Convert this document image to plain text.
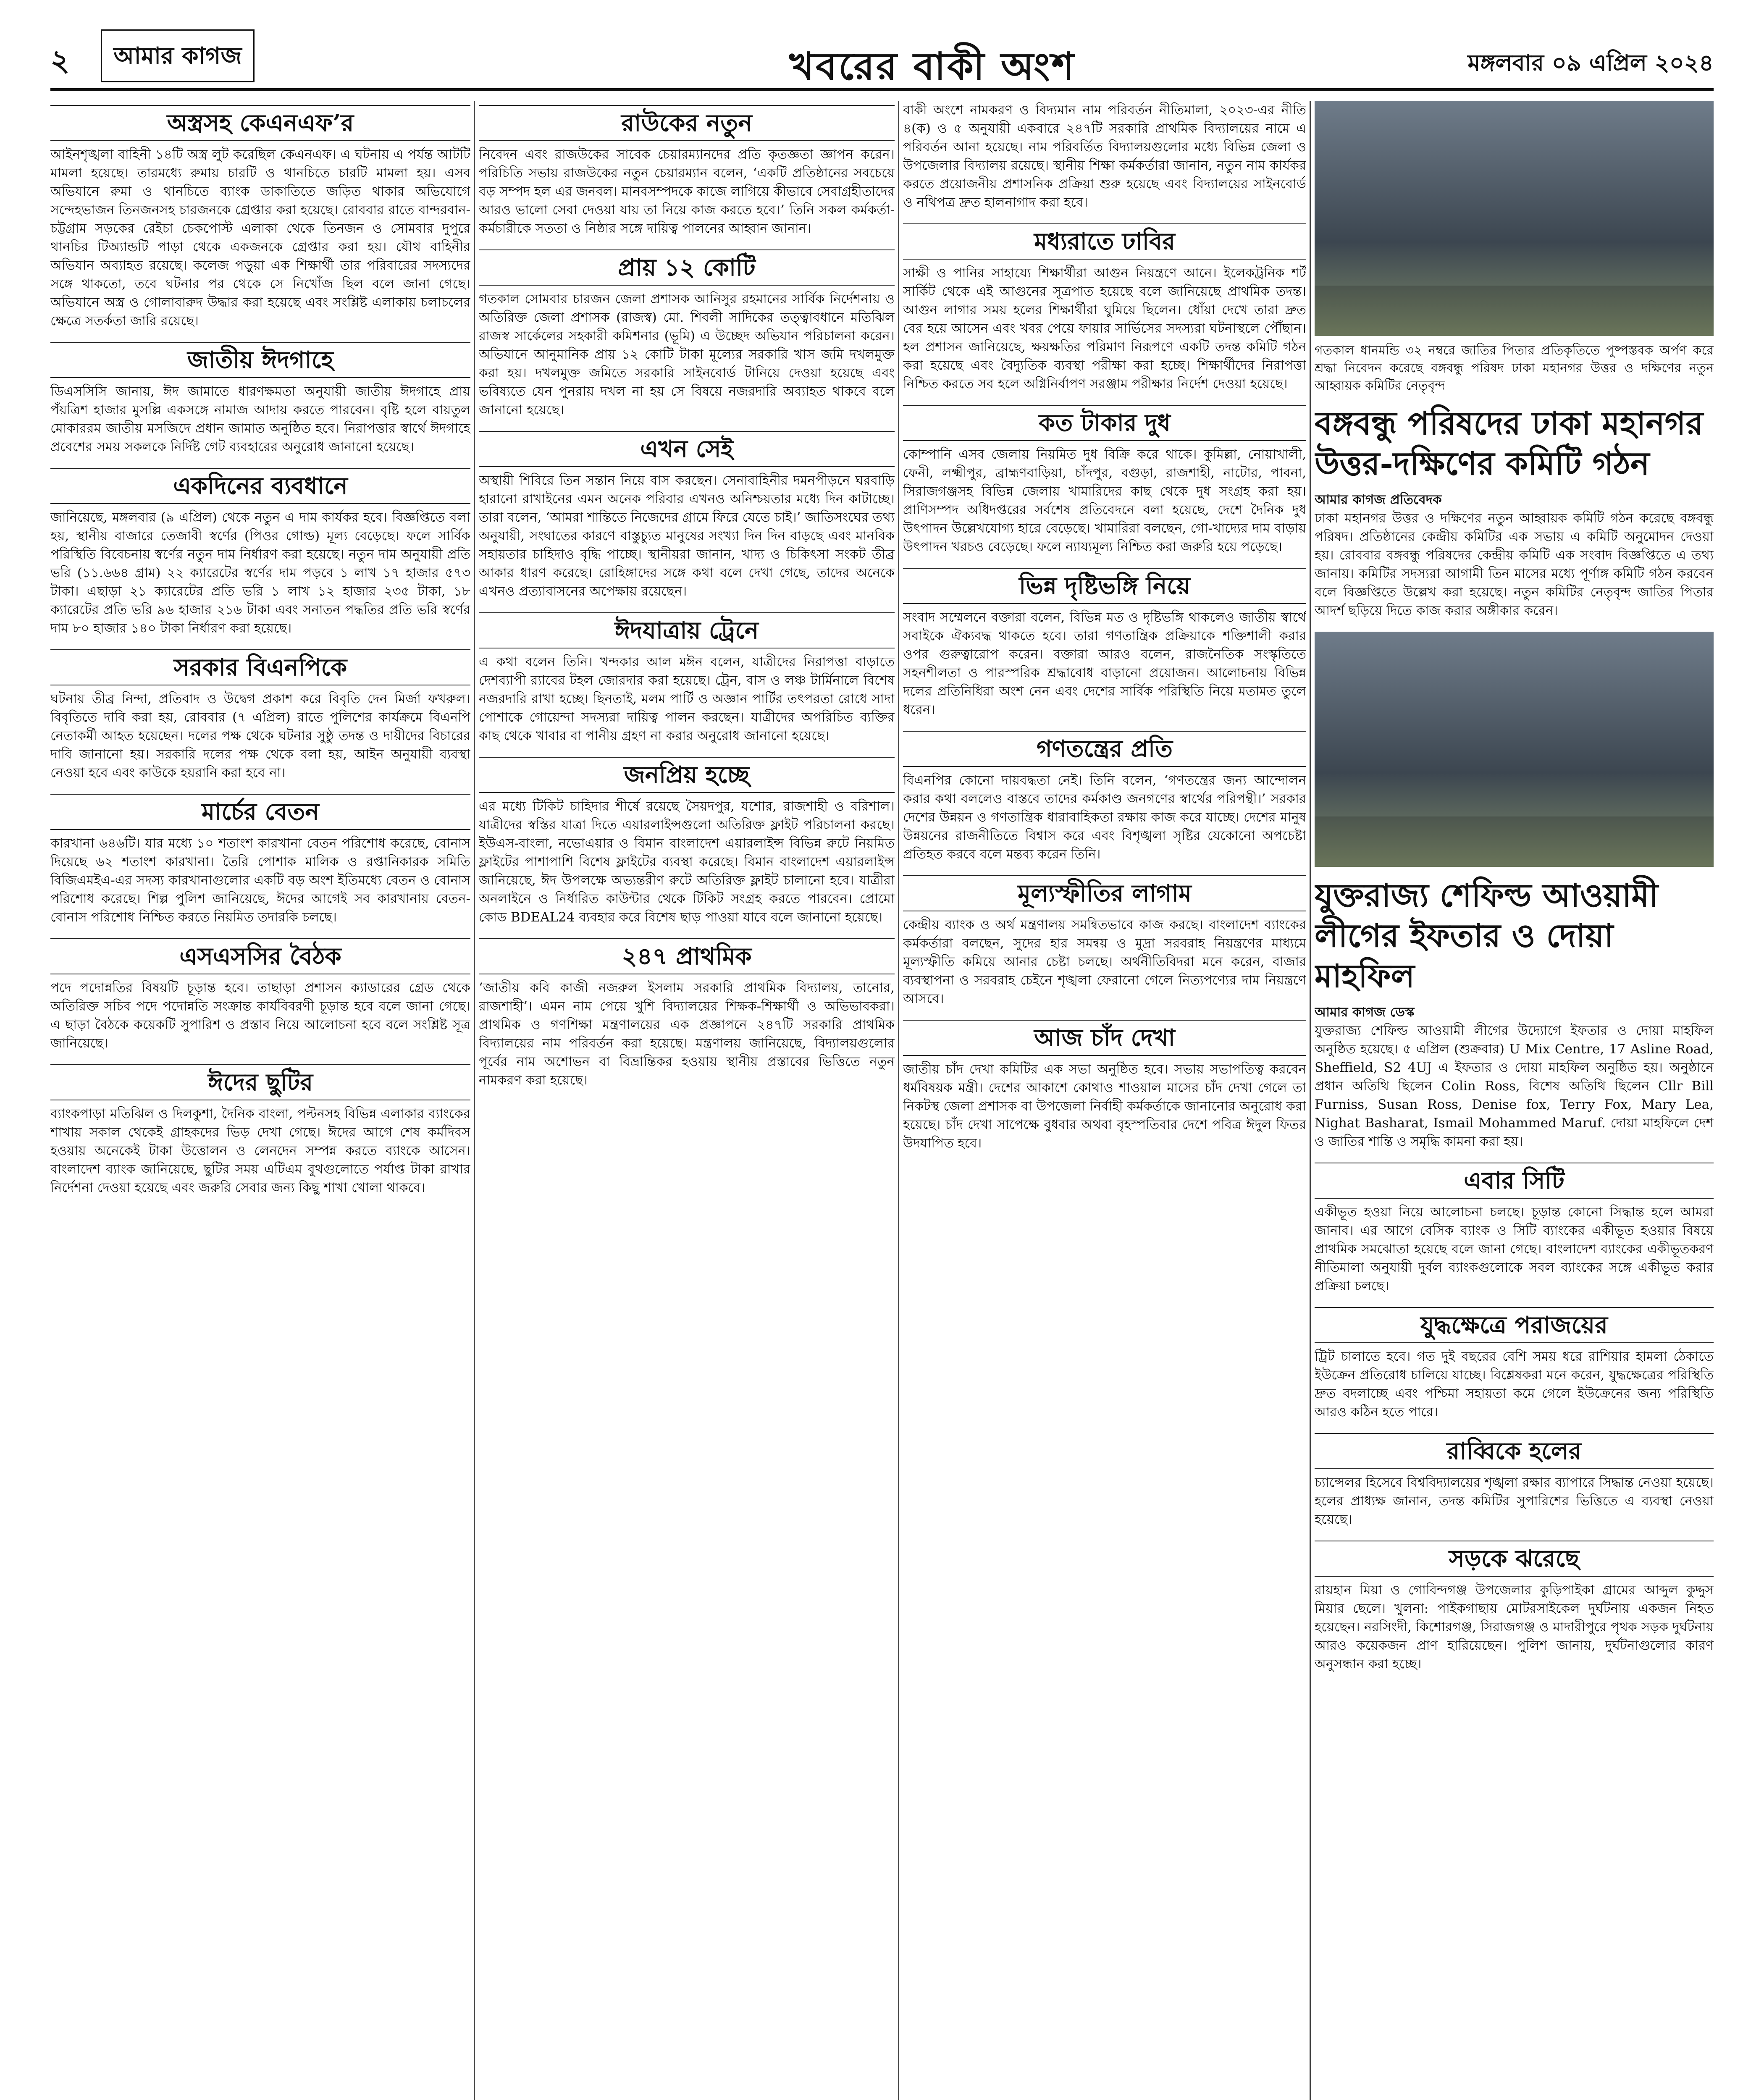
২	আমার কাগজ	খবরের বাকী অংশ	মঙ্গলবার ০৯ এপ্রিল ২০২৪
অস্ত্রসহ কেএনএফ’র
আইনশৃঙ্খলা বাহিনী ১৪টি অস্ত্র লুট করেছিল কেএনএফ। এ ঘটনায় এ পর্যন্ত আটটি মামলা হয়েছে। তারমধ্যে রুমায় চারটি ও থানচিতে চারটি মামলা হয়। এসব অভিযানে রুমা ও থানচিতে ব্যাংক ডাকাতিতে জড়িত থাকার অভিযোগে সন্দেহভাজন তিনজনসহ চারজনকে গ্রেপ্তার করা হয়েছে। রোববার রাতে বান্দরবান-চট্টগ্রাম সড়কের রেইচা চেকপোস্ট এলাকা থেকে তিনজন ও সোমবার দুপুরে থানচির টিঅ্যান্ডটি পাড়া থেকে একজনকে গ্রেপ্তার করা হয়। যৌথ বাহিনীর অভিযান অব্যাহত রয়েছে। কলেজ পড়ুয়া এক শিক্ষার্থী তার পরিবারের সদস্যদের সঙ্গে থাকতো, তবে ঘটনার পর থেকে সে নিখোঁজ ছিল বলে জানা গেছে। অভিযানে অস্ত্র ও গোলাবারুদ উদ্ধার করা হয়েছে এবং সংশ্লিষ্ট এলাকায় চলাচলের ক্ষেত্রে সতর্কতা জারি রয়েছে।
জাতীয় ঈদগাহে
ডিএসসিসি জানায়, ঈদ জামাতে ধারণক্ষমতা অনুযায়ী জাতীয় ঈদগাহে প্রায় পঁয়ত্রিশ হাজার মুসল্লি একসঙ্গে নামাজ আদায় করতে পারবেন। বৃষ্টি হলে বায়তুল মোকাররম জাতীয় মসজিদে প্রধান জামাত অনুষ্ঠিত হবে। নিরাপত্তার স্বার্থে ঈদগাহে প্রবেশের সময় সকলকে নির্দিষ্ট গেট ব্যবহারের অনুরোধ জানানো হয়েছে।
একদিনের ব্যবধানে
জানিয়েছে, মঙ্গলবার (৯ এপ্রিল) থেকে নতুন এ দাম কার্যকর হবে। বিজ্ঞপ্তিতে বলা হয়, স্থানীয় বাজারে তেজাবী স্বর্ণের (পিওর গোল্ড) মূল্য বেড়েছে। ফলে সার্বিক পরিস্থিতি বিবেচনায় স্বর্ণের নতুন দাম নির্ধারণ করা হয়েছে। নতুন দাম অনুযায়ী প্রতি ভরি (১১.৬৬৪ গ্রাম) ২২ ক্যারেটের স্বর্ণের দাম পড়বে ১ লাখ ১৭ হাজার ৫৭৩ টাকা। এছাড়া ২১ ক্যারেটের প্রতি ভরি ১ লাখ ১২ হাজার ২৩৫ টাকা, ১৮ ক্যারেটের প্রতি ভরি ৯৬ হাজার ২১৬ টাকা এবং সনাতন পদ্ধতির প্রতি ভরি স্বর্ণের দাম ৮০ হাজার ১৪০ টাকা নির্ধারণ করা হয়েছে।
সরকার বিএনপিকে
ঘটনায় তীব্র নিন্দা, প্রতিবাদ ও উদ্বেগ প্রকাশ করে বিবৃতি দেন মির্জা ফখরুল। বিবৃতিতে দাবি করা হয়, রোববার (৭ এপ্রিল) রাতে পুলিশের কার্যক্রমে বিএনপি নেতাকর্মী আহত হয়েছেন। দলের পক্ষ থেকে ঘটনার সুষ্ঠু তদন্ত ও দায়ীদের বিচারের দাবি জানানো হয়। সরকারি দলের পক্ষ থেকে বলা হয়, আইন অনুযায়ী ব্যবস্থা নেওয়া হবে এবং কাউকে হয়রানি করা হবে না।
মার্চের বেতন
কারখানা ৬৪৬টি। যার মধ্যে ১০ শতাংশ কারখানা বেতন পরিশোধ করেছে, বোনাস দিয়েছে ৬২ শতাংশ কারখানা। তৈরি পোশাক মালিক ও রপ্তানিকারক সমিতি বিজিএমইএ-এর সদস্য কারখানাগুলোর একটি বড় অংশ ইতিমধ্যে বেতন ও বোনাস পরিশোধ করেছে। শিল্প পুলিশ জানিয়েছে, ঈদের আগেই সব কারখানায় বেতন-বোনাস পরিশোধ নিশ্চিত করতে নিয়মিত তদারকি চলছে।
এসএসসির বৈঠক
পদে পদোন্নতির বিষয়টি চূড়ান্ত হবে। তাছাড়া প্রশাসন ক্যাডারের গ্রেড থেকে অতিরিক্ত সচিব পদে পদোন্নতি সংক্রান্ত কার্যবিবরণী চূড়ান্ত হবে বলে জানা গেছে। এ ছাড়া বৈঠকে কয়েকটি সুপারিশ ও প্রস্তাব নিয়ে আলোচনা হবে বলে সংশ্লিষ্ট সূত্র জানিয়েছে।
ঈদের ছুটির
ব্যাংকপাড়া মতিঝিল ও দিলকুশা, দৈনিক বাংলা, পল্টনসহ বিভিন্ন এলাকার ব্যাংকের শাখায় সকাল থেকেই গ্রাহকদের ভিড় দেখা গেছে। ঈদের আগে শেষ কর্মদিবস হওয়ায় অনেকেই টাকা উত্তোলন ও লেনদেন সম্পন্ন করতে ব্যাংকে আসেন। বাংলাদেশ ব্যাংক জানিয়েছে, ছুটির সময় এটিএম বুথগুলোতে পর্যাপ্ত টাকা রাখার নির্দেশনা দেওয়া হয়েছে এবং জরুরি সেবার জন্য কিছু শাখা খোলা থাকবে।
রাউকের নতুন
নিবেদন এবং রাজউকের সাবেক চেয়ারম্যানদের প্রতি কৃতজ্ঞতা জ্ঞাপন করেন। পরিচিতি সভায় রাজউকের নতুন চেয়ারম্যান বলেন, ‘একটি প্রতিষ্ঠানের সবচেয়ে বড় সম্পদ হল এর জনবল। মানবসম্পদকে কাজে লাগিয়ে কীভাবে সেবাগ্রহীতাদের আরও ভালো সেবা দেওয়া যায় তা নিয়ে কাজ করতে হবে।’ তিনি সকল কর্মকর্তা-কর্মচারীকে সততা ও নিষ্ঠার সঙ্গে দায়িত্ব পালনের আহ্বান জানান।
প্রায় ১২ কোটি
গতকাল সোমবার চারজন জেলা প্রশাসক আনিসুর রহমানের সার্বিক নির্দেশনায় ও অতিরিক্ত জেলা প্রশাসক (রাজস্ব) মো. শিবলী সাদিকের তত্ত্বাবধানে মতিঝিল রাজস্ব সার্কেলের সহকারী কমিশনার (ভূমি) এ উচ্ছেদ অভিযান পরিচালনা করেন। অভিযানে আনুমানিক প্রায় ১২ কোটি টাকা মূল্যের সরকারি খাস জমি দখলমুক্ত করা হয়। দখলমুক্ত জমিতে সরকারি সাইনবোর্ড টানিয়ে দেওয়া হয়েছে এবং ভবিষ্যতে যেন পুনরায় দখল না হয় সে বিষয়ে নজরদারি অব্যাহত থাকবে বলে জানানো হয়েছে।
এখন সেই
অস্থায়ী শিবিরে তিন সন্তান নিয়ে বাস করছেন। সেনাবাহিনীর দমনপীড়নে ঘরবাড়ি হারানো রাখাইনের এমন অনেক পরিবার এখনও অনিশ্চয়তার মধ্যে দিন কাটাচ্ছে। তারা বলেন, ‘আমরা শান্তিতে নিজেদের গ্রামে ফিরে যেতে চাই।’ জাতিসংঘের তথ্য অনুযায়ী, সংঘাতের কারণে বাস্তুচ্যুত মানুষের সংখ্যা দিন দিন বাড়ছে এবং মানবিক সহায়তার চাহিদাও বৃদ্ধি পাচ্ছে। স্থানীয়রা জানান, খাদ্য ও চিকিৎসা সংকট তীব্র আকার ধারণ করেছে। রোহিঙ্গাদের সঙ্গে কথা বলে দেখা গেছে, তাদের অনেকে এখনও প্রত্যাবাসনের অপেক্ষায় রয়েছেন।
ঈদযাত্রায় ট্রেনে
এ কথা বলেন তিনি। খন্দকার আল মঈন বলেন, যাত্রীদের নিরাপত্তা বাড়াতে দেশব্যাপী র‍্যাবের টহল জোরদার করা হয়েছে। ট্রেন, বাস ও লঞ্চ টার্মিনালে বিশেষ নজরদারি রাখা হচ্ছে। ছিনতাই, মলম পার্টি ও অজ্ঞান পার্টির তৎপরতা রোধে সাদা পোশাকে গোয়েন্দা সদস্যরা দায়িত্ব পালন করছেন। যাত্রীদের অপরিচিত ব্যক্তির কাছ থেকে খাবার বা পানীয় গ্রহণ না করার অনুরোধ জানানো হয়েছে।
জনপ্রিয় হচ্ছে
এর মধ্যে টিকিট চাহিদার শীর্ষে রয়েছে সৈয়দপুর, যশোর, রাজশাহী ও বরিশাল। যাত্রীদের স্বস্তির যাত্রা দিতে এয়ারলাইন্সগুলো অতিরিক্ত ফ্লাইট পরিচালনা করছে। ইউএস-বাংলা, নভোএয়ার ও বিমান বাংলাদেশ এয়ারলাইন্স বিভিন্ন রুটে নিয়মিত ফ্লাইটের পাশাপাশি বিশেষ ফ্লাইটের ব্যবস্থা করেছে। বিমান বাংলাদেশ এয়ারলাইন্স জানিয়েছে, ঈদ উপলক্ষে অভ্যন্তরীণ রুটে অতিরিক্ত ফ্লাইট চালানো হবে। যাত্রীরা অনলাইনে ও নির্ধারিত কাউন্টার থেকে টিকিট সংগ্রহ করতে পারবেন। প্রোমো কোড BDEAL24 ব্যবহার করে বিশেষ ছাড় পাওয়া যাবে বলে জানানো হয়েছে।
২৪৭ প্রাথমিক
‘জাতীয় কবি কাজী নজরুল ইসলাম সরকারি প্রাথমিক বিদ্যালয়, তানোর, রাজশাহী’। এমন নাম পেয়ে খুশি বিদ্যালয়ের শিক্ষক-শিক্ষার্থী ও অভিভাবকরা। প্রাথমিক ও গণশিক্ষা মন্ত্রণালয়ের এক প্রজ্ঞাপনে ২৪৭টি সরকারি প্রাথমিক বিদ্যালয়ের নাম পরিবর্তন করা হয়েছে। মন্ত্রণালয় জানিয়েছে, বিদ্যালয়গুলোর পূর্বের নাম অশোভন বা বিভ্রান্তিকর হওয়ায় স্থানীয় প্রস্তাবের ভিত্তিতে নতুন নামকরণ করা হয়েছে।
বাকী অংশে নামকরণ ও বিদ্যমান নাম পরিবর্তন নীতিমালা, ২০২৩-এর নীতি ৪(ক) ও ৫ অনুযায়ী একবারে ২৪৭টি সরকারি প্রাথমিক বিদ্যালয়ের নামে এ পরিবর্তন আনা হয়েছে। নাম পরিবর্তিত বিদ্যালয়গুলোর মধ্যে বিভিন্ন জেলা ও উপজেলার বিদ্যালয় রয়েছে। স্থানীয় শিক্ষা কর্মকর্তারা জানান, নতুন নাম কার্যকর করতে প্রয়োজনীয় প্রশাসনিক প্রক্রিয়া শুরু হয়েছে এবং বিদ্যালয়ের সাইনবোর্ড ও নথিপত্র দ্রুত হালনাগাদ করা হবে।
মধ্যরাতে ঢাবির
সাক্ষী ও পানির সাহায্যে শিক্ষার্থীরা আগুন নিয়ন্ত্রণে আনে। ইলেকট্রনিক শর্ট সার্কিট থেকে এই আগুনের সূত্রপাত হয়েছে বলে জানিয়েছে প্রাথমিক তদন্ত। আগুন লাগার সময় হলের শিক্ষার্থীরা ঘুমিয়ে ছিলেন। ধোঁয়া দেখে তারা দ্রুত বের হয়ে আসেন এবং খবর পেয়ে ফায়ার সার্ভিসের সদস্যরা ঘটনাস্থলে পৌঁছান। হল প্রশাসন জানিয়েছে, ক্ষয়ক্ষতির পরিমাণ নিরূপণে একটি তদন্ত কমিটি গঠন করা হয়েছে এবং বৈদ্যুতিক ব্যবস্থা পরীক্ষা করা হচ্ছে। শিক্ষার্থীদের নিরাপত্তা নিশ্চিত করতে সব হলে অগ্নিনির্বাপণ সরঞ্জাম পরীক্ষার নির্দেশ দেওয়া হয়েছে।
কত টাকার দুধ
কোম্পানি এসব জেলায় নিয়মিত দুধ বিক্রি করে থাকে। কুমিল্লা, নোয়াখালী, ফেনী, লক্ষ্মীপুর, ব্রাহ্মণবাড়িয়া, চাঁদপুর, বগুড়া, রাজশাহী, নাটোর, পাবনা, সিরাজগঞ্জসহ বিভিন্ন জেলায় খামারিদের কাছ থেকে দুধ সংগ্রহ করা হয়। প্রাণিসম্পদ অধিদপ্তরের সর্বশেষ প্রতিবেদনে বলা হয়েছে, দেশে দৈনিক দুধ উৎপাদন উল্লেখযোগ্য হারে বেড়েছে। খামারিরা বলছেন, গো-খাদ্যের দাম বাড়ায় উৎপাদন খরচও বেড়েছে। ফলে ন্যায্যমূল্য নিশ্চিত করা জরুরি হয়ে পড়েছে।
ভিন্ন দৃষ্টিভঙ্গি নিয়ে
সংবাদ সম্মেলনে বক্তারা বলেন, বিভিন্ন মত ও দৃষ্টিভঙ্গি থাকলেও জাতীয় স্বার্থে সবাইকে ঐক্যবদ্ধ থাকতে হবে। তারা গণতান্ত্রিক প্রক্রিয়াকে শক্তিশালী করার ওপর গুরুত্বারোপ করেন। বক্তারা আরও বলেন, রাজনৈতিক সংস্কৃতিতে সহনশীলতা ও পারস্পরিক শ্রদ্ধাবোধ বাড়ানো প্রয়োজন। আলোচনায় বিভিন্ন দলের প্রতিনিধিরা অংশ নেন এবং দেশের সার্বিক পরিস্থিতি নিয়ে মতামত তুলে ধরেন।
গণতন্ত্রের প্রতি
বিএনপির কোনো দায়বদ্ধতা নেই। তিনি বলেন, ‘গণতন্ত্রের জন্য আন্দোলন করার কথা বললেও বাস্তবে তাদের কর্মকাণ্ড জনগণের স্বার্থের পরিপন্থী।’ সরকার দেশের উন্নয়ন ও গণতান্ত্রিক ধারাবাহিকতা রক্ষায় কাজ করে যাচ্ছে। দেশের মানুষ উন্নয়নের রাজনীতিতে বিশ্বাস করে এবং বিশৃঙ্খলা সৃষ্টির যেকোনো অপচেষ্টা প্রতিহত করবে বলে মন্তব্য করেন তিনি।
মূল্যস্ফীতির লাগাম
কেন্দ্রীয় ব্যাংক ও অর্থ মন্ত্রণালয় সমন্বিতভাবে কাজ করছে। বাংলাদেশ ব্যাংকের কর্মকর্তারা বলছেন, সুদের হার সমন্বয় ও মুদ্রা সরবরাহ নিয়ন্ত্রণের মাধ্যমে মূল্যস্ফীতি কমিয়ে আনার চেষ্টা চলছে। অর্থনীতিবিদরা মনে করেন, বাজার ব্যবস্থাপনা ও সরবরাহ চেইনে শৃঙ্খলা ফেরানো গেলে নিত্যপণ্যের দাম নিয়ন্ত্রণে আসবে।
আজ চাঁদ দেখা
জাতীয় চাঁদ দেখা কমিটির এক সভা অনুষ্ঠিত হবে। সভায় সভাপতিত্ব করবেন ধর্মবিষয়ক মন্ত্রী। দেশের আকাশে কোথাও শাওয়াল মাসের চাঁদ দেখা গেলে তা নিকটস্থ জেলা প্রশাসক বা উপজেলা নির্বাহী কর্মকর্তাকে জানানোর অনুরোধ করা হয়েছে। চাঁদ দেখা সাপেক্ষে বুধবার অথবা বৃহস্পতিবার দেশে পবিত্র ঈদুল ফিতর উদযাপিত হবে।
গতকাল ধানমন্ডি ৩২ নম্বরে জাতির পিতার প্রতিকৃতিতে পুষ্পস্তবক অর্পণ করে শ্রদ্ধা নিবেদন করেছে বঙ্গবন্ধু পরিষদ ঢাকা মহানগর উত্তর ও দক্ষিণের নতুন আহ্বায়ক কমিটির নেতৃবৃন্দ
বঙ্গবন্ধু পরিষদের ঢাকা মহানগর উত্তর-দক্ষিণের কমিটি গঠন
আমার কাগজ প্রতিবেদক
ঢাকা মহানগর উত্তর ও দক্ষিণের নতুন আহ্বায়ক কমিটি গঠন করেছে বঙ্গবন্ধু পরিষদ। প্রতিষ্ঠানের কেন্দ্রীয় কমিটির এক সভায় এ কমিটি অনুমোদন দেওয়া হয়। রোববার বঙ্গবন্ধু পরিষদের কেন্দ্রীয় কমিটি এক সংবাদ বিজ্ঞপ্তিতে এ তথ্য জানায়। কমিটির সদস্যরা আগামী তিন মাসের মধ্যে পূর্ণাঙ্গ কমিটি গঠন করবেন বলে বিজ্ঞপ্তিতে উল্লেখ করা হয়েছে। নতুন কমিটির নেতৃবৃন্দ জাতির পিতার আদর্শ ছড়িয়ে দিতে কাজ করার অঙ্গীকার করেন।
যুক্তরাজ্য শেফিল্ড আওয়ামী লীগের ইফতার ও দোয়া মাহফিল
আমার কাগজ ডেস্ক
যুক্তরাজ্য শেফিল্ড আওয়ামী লীগের উদ্যোগে ইফতার ও দোয়া মাহফিল অনুষ্ঠিত হয়েছে। ৫ এপ্রিল (শুক্রবার) U Mix Centre, 17 Asline Road, Sheffield, S2 4UJ এ ইফতার ও দোয়া মাহফিল অনুষ্ঠিত হয়। অনুষ্ঠানে প্রধান অতিথি ছিলেন Colin Ross, বিশেষ অতিথি ছিলেন Cllr Bill Furniss, Susan Ross, Denise fox, Terry Fox, Mary Lea, Nighat Basharat, Ismail Mohammed Maruf. দোয়া মাহফিলে দেশ ও জাতির শান্তি ও সমৃদ্ধি কামনা করা হয়।
এবার সিটি
একীভূত হওয়া নিয়ে আলোচনা চলছে। চূড়ান্ত কোনো সিদ্ধান্ত হলে আমরা জানাব। এর আগে বেসিক ব্যাংক ও সিটি ব্যাংকের একীভূত হওয়ার বিষয়ে প্রাথমিক সমঝোতা হয়েছে বলে জানা গেছে। বাংলাদেশ ব্যাংকের একীভূতকরণ নীতিমালা অনুযায়ী দুর্বল ব্যাংকগুলোকে সবল ব্যাংকের সঙ্গে একীভূত করার প্রক্রিয়া চলছে।
যুদ্ধক্ষেত্রে পরাজয়ের
ট্রিট চালাতে হবে। গত দুই বছরের বেশি সময় ধরে রাশিয়ার হামলা ঠেকাতে ইউক্রেন প্রতিরোধ চালিয়ে যাচ্ছে। বিশ্লেষকরা মনে করেন, যুদ্ধক্ষেত্রের পরিস্থিতি দ্রুত বদলাচ্ছে এবং পশ্চিমা সহায়তা কমে গেলে ইউক্রেনের জন্য পরিস্থিতি আরও কঠিন হতে পারে।
রাব্বিকে হলের
চ্যান্সেলর হিসেবে বিশ্ববিদ্যালয়ের শৃঙ্খলা রক্ষার ব্যাপারে সিদ্ধান্ত নেওয়া হয়েছে। হলের প্রাধ্যক্ষ জানান, তদন্ত কমিটির সুপারিশের ভিত্তিতে এ ব্যবস্থা নেওয়া হয়েছে।
সড়কে ঝরেছে
রায়হান মিয়া ও গোবিন্দগঞ্জ উপজেলার কুড়িপাইকা গ্রামের আব্দুল কুদ্দুস মিয়ার ছেলে। খুলনা: পাইকগাছায় মোটরসাইকেল দুর্ঘটনায় একজন নিহত হয়েছেন। নরসিংদী, কিশোরগঞ্জ, সিরাজগঞ্জ ও মাদারীপুরে পৃথক সড়ক দুর্ঘটনায় আরও কয়েকজন প্রাণ হারিয়েছেন। পুলিশ জানায়, দুর্ঘটনাগুলোর কারণ অনুসন্ধান করা হচ্ছে।
